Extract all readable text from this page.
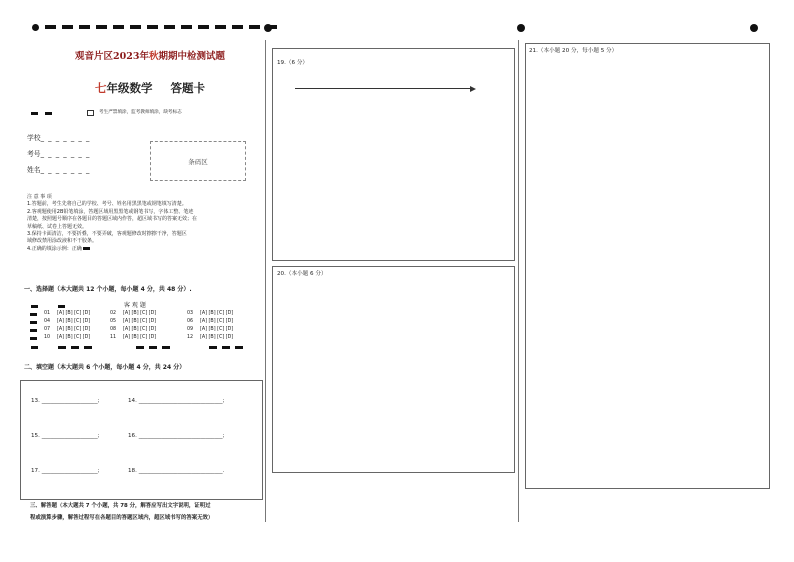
观音片区2023年秋期期中检测试题
七年级数学 答题卡
考生严禁填涂，监考教师填涂，缺考标志
学校_ _ _ _ _ _ _
考号_ _ _ _ _ _ _
姓名_ _ _ _ _ _ _
条码区
注 意 事 项
1.答题前，考生先将自己的学校、考号、姓名用黑黑笔或钢笔填写清楚。
2.客观题使用2B铅笔填涂，答题区域用黑黑笔或钢笔书写，字体工整、笔迹
清楚，按照题号顺序在各题目的答题区域内作答，超区域书写的答案无效；在
草稿纸、试卷上答题无效。
3.保持卡面清洁，不要折叠，不要弄破，客观题修改时擦擦干净，答题区
域修改禁用涂改液和不干胶条。
4.正确的填涂示例：正确
一、选择题（本大题共 12 个小题，每小题 4 分，共 48 分）.
客 观 题
01 [A] [B] [C] [D]	02 [A] [B] [C] [D]	03 [A] [B] [C] [D]
04 [A] [B] [C] [D]	05 [A] [B] [C] [D]	06 [A] [B] [C] [D]
07 [A] [B] [C] [D]	08 [A] [B] [C] [D]	09 [A] [B] [C] [D]
10 [A] [B] [C] [D]	11 [A] [B] [C] [D]	12 [A] [B] [C] [D]
二、填空题（本大题共 6 个小题，每小题 4 分，共 24 分）
13. ____________________;	14. ______________________________;
15. ____________________;	16. ______________________________;
17. ____________________;	18. ______________________________.
三、解答题（本大题共 7 个小题，共 78 分，解答应写出文字说明，证明过
程或演算步骤，解答过程写在各题目的答题区域内，超区域书写的答案无效）
19.（6 分）
20.（本小题 6 分）
21.（本小题 20 分，每小题 5 分）
